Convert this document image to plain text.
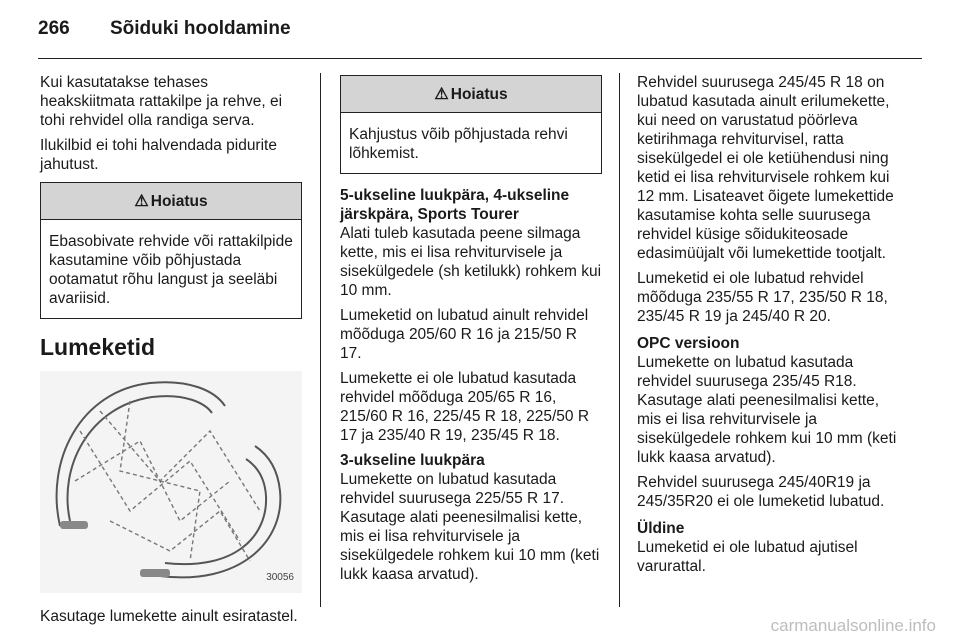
266 Sõiduki hooldamine

Kui kasutatakse tehases heakskiitmata rattakilpe ja rehve, ei tohi rehvidel olla randiga serva.

Ilukilbid ei tohi halvendada pidurite jahutust.

⚠ Hoiatus
Ebasobivate rehvide või rattakilpide kasutamine võib põhjustada ootamatut rõhu langust ja seeläbi avariisid.
Lumeketid
30056

Kasutage lumekette ainult esiratastel.

⚠ Hoiatus
Kahjustus võib põhjustada rehvi lõhkemist.
5-ukseline luukpära, 4-ukseline järskpära, Sports Tourer

Alati tuleb kasutada peene silmaga kette, mis ei lisa rehviturvisele ja sisekülgedele (sh ketilukk) rohkem kui 10 mm.

Lumeketid on lubatud ainult rehvidel mõõduga 205/60 R 16 ja 215/50 R 17.

Lumekette ei ole lubatud kasutada rehvidel mõõduga 205/65 R 16, 215/60 R 16, 225/45 R 18, 225/50 R 17 ja 235/40 R 19, 235/45 R 18.

3-ukseline luukpära

Lumekette on lubatud kasutada rehvidel suurusega 225/55 R 17. Kasutage alati peenesilmalisi kette, mis ei lisa rehviturvisele ja sisekülgedele rohkem kui 10 mm (keti lukk kaasa arvatud).

Rehvidel suurusega 245/45 R 18 on lubatud kasutada ainult erilumekette, kui need on varustatud pöörleva ketirihmaga rehviturvisel, ratta sisekülgedel ei ole ketiühendusi ning ketid ei lisa rehviturvisele rohkem kui 12 mm. Lisateavet õigete lumekettide kasutamise kohta selle suurusega rehvidel küsige sõidukiteosade edasimüüjalt või lumekettide tootjalt.

Lumeketid ei ole lubatud rehvidel mõõduga 235/55 R 17, 235/50 R 18, 235/45 R 19 ja 245/40 R 20.

OPC versioon

Lumekette on lubatud kasutada rehvidel suurusega 235/45 R18. Kasutage alati peenesilmalisi kette, mis ei lisa rehviturvisele ja sisekülgedele rohkem kui 10 mm (keti lukk kaasa arvatud).

Rehvidel suurusega 245/40R19 ja 245/35R20 ei ole lumeketid lubatud.

Üldine

Lumeketid ei ole lubatud ajutisel varurattal.

carmanualsonline.info
